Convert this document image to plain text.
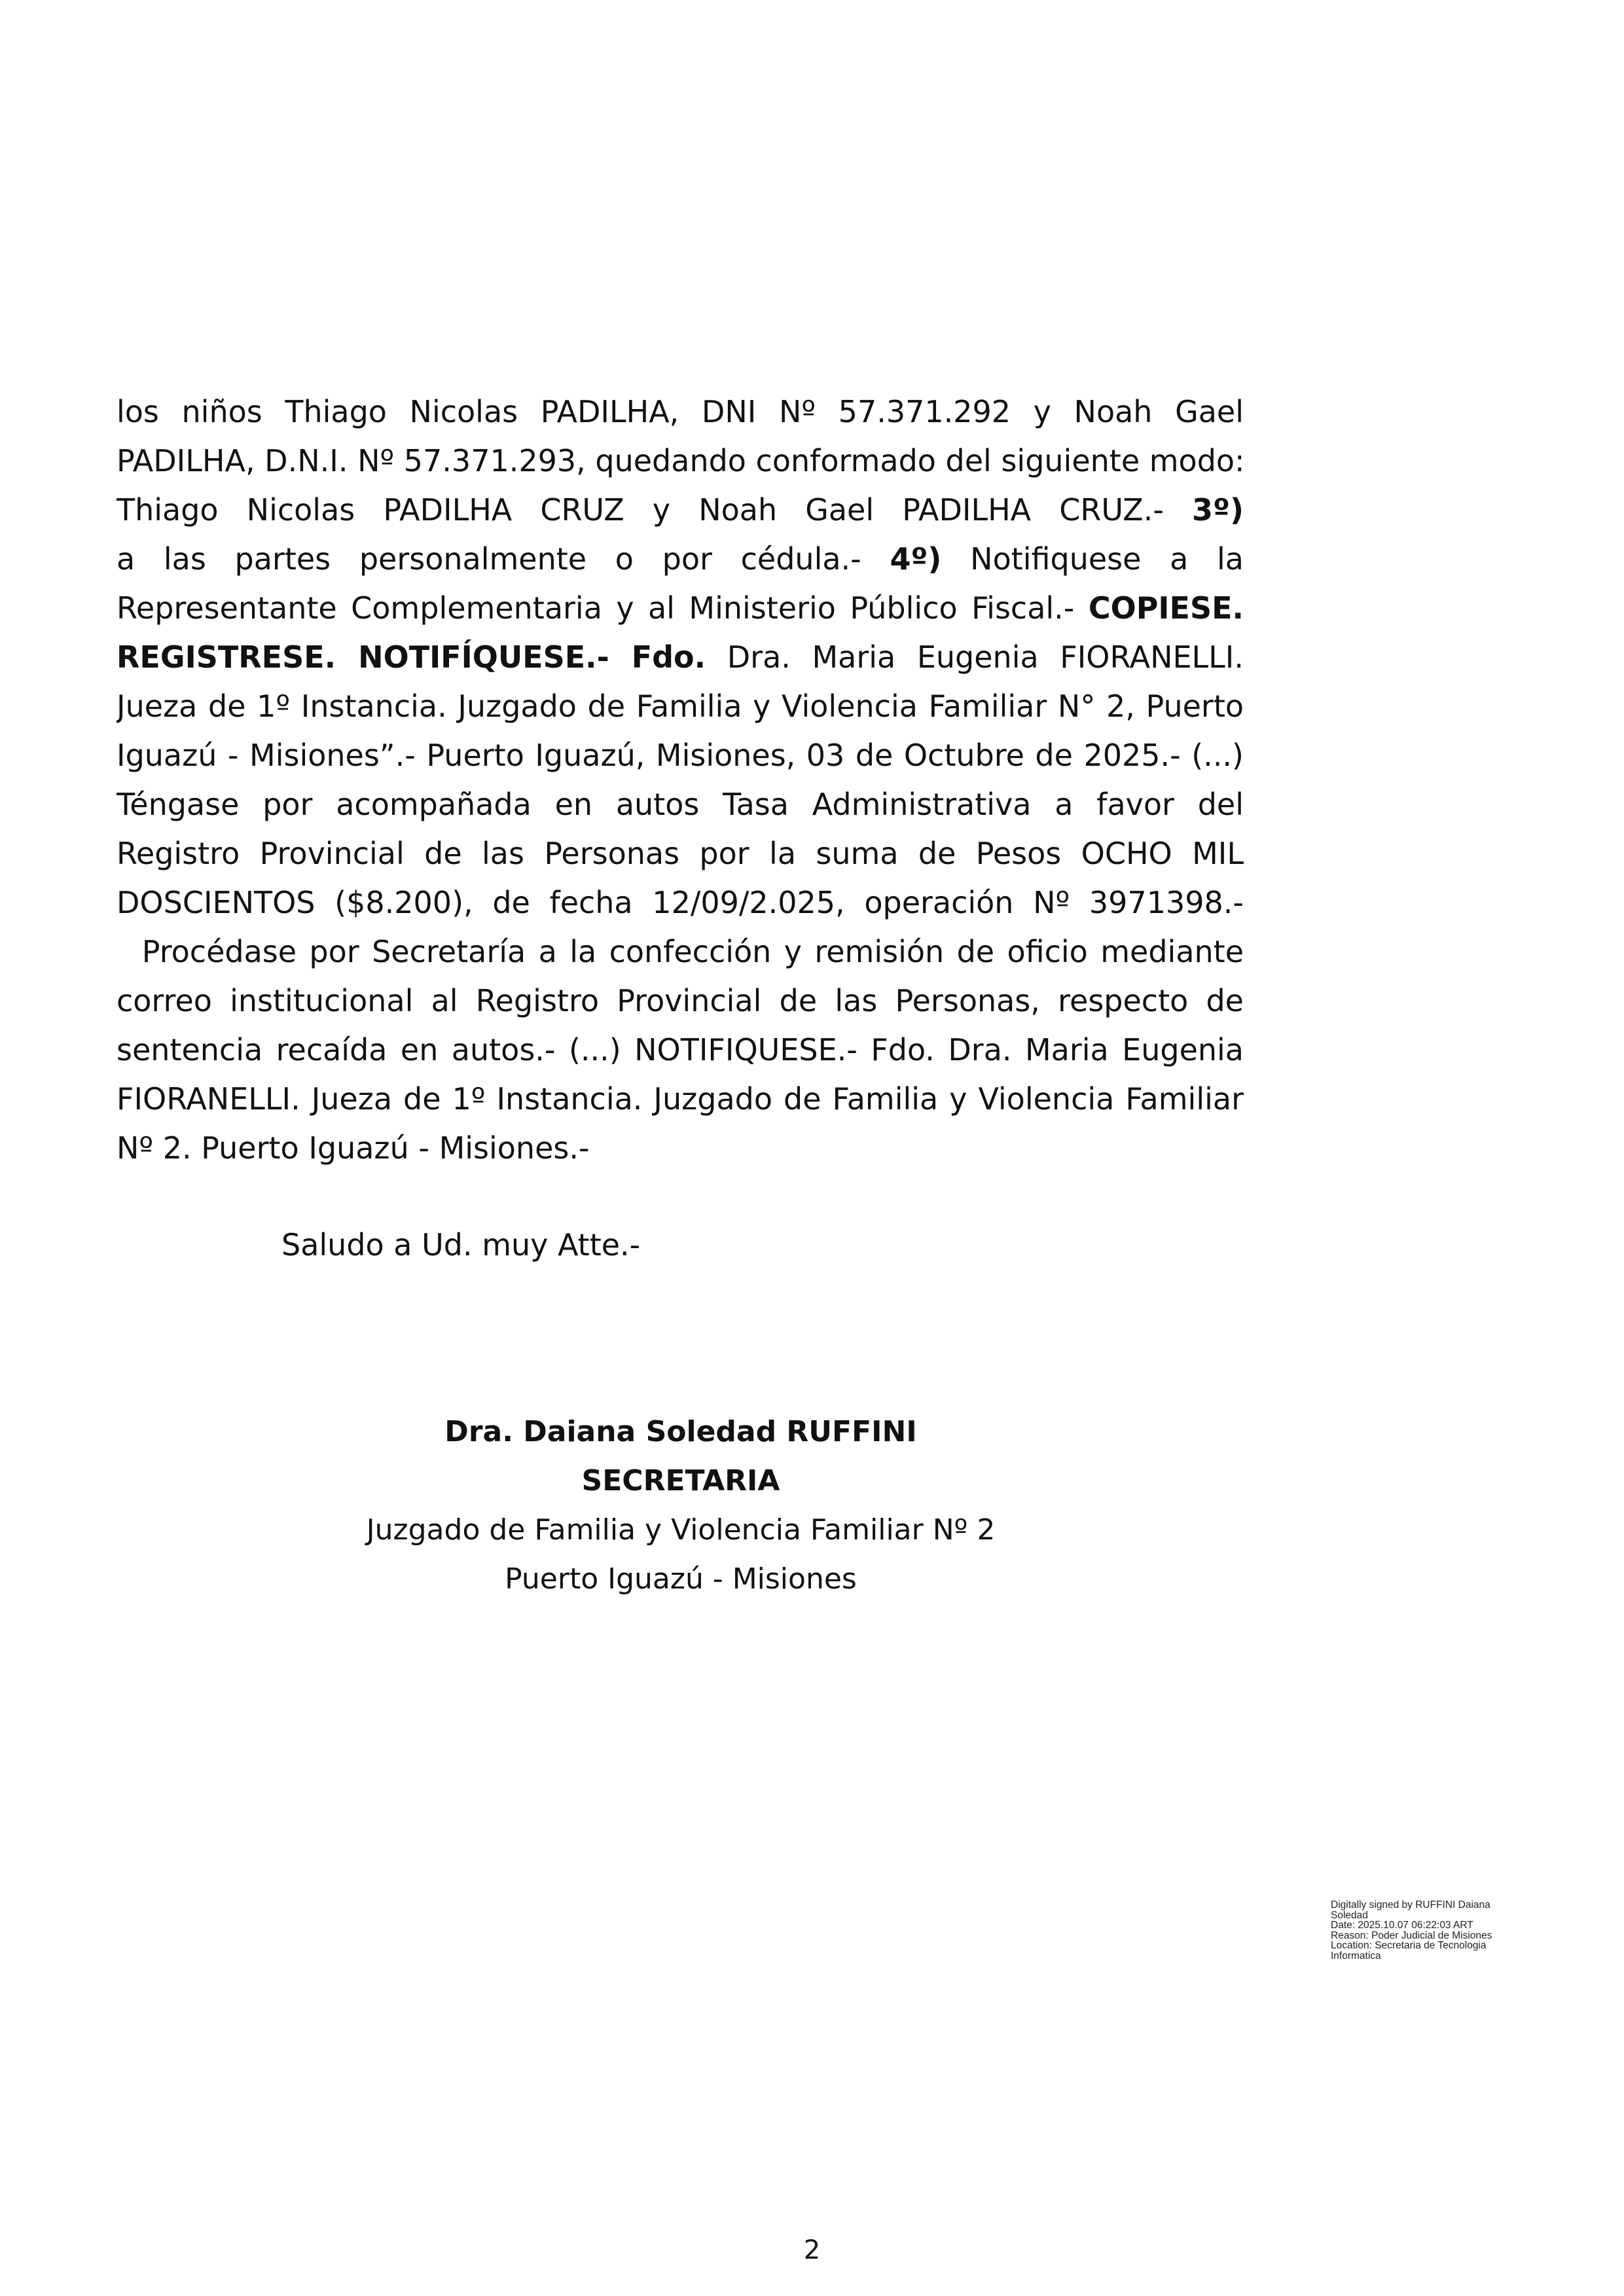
los niños Thiago Nicolas PADILHA, DNI Nº 57.371.292 y Noah Gael
PADILHA, D.N.I. Nº 57.371.293, quedando conformado del siguiente modo:
Thiago Nicolas PADILHA CRUZ y Noah Gael PADILHA CRUZ.- 3º)
a las partes personalmente o por cédula.- 4º) Notifiquese a la
Representante Complementaria y al Ministerio Público Fiscal.- COPIESE.
REGISTRESE. NOTIFÍQUESE.- Fdo. Dra. Maria Eugenia FIORANELLI.
Jueza de 1º Instancia. Juzgado de Familia y Violencia Familiar N° 2, Puerto
Iguazú - Misiones”.- Puerto Iguazú, Misiones, 03 de Octubre de 2025.- (...)
Téngase por acompañada en autos Tasa Administrativa a favor del
Registro Provincial de las Personas por la suma de Pesos OCHO MIL
DOSCIENTOS ($8.200), de fecha 12/09/2.025, operación Nº 3971398.-
Procédase por Secretaría a la confección y remisión de oficio mediante
correo institucional al Registro Provincial de las Personas, respecto de
sentencia recaída en autos.- (...) NOTIFIQUESE.- Fdo. Dra. Maria Eugenia
FIORANELLI. Jueza de 1º Instancia. Juzgado de Familia y Violencia Familiar
Nº 2. Puerto Iguazú - Misiones.-
Saludo a Ud. muy Atte.-
Dra. Daiana Soledad RUFFINI
SECRETARIA
Juzgado de Familia y Violencia Familiar Nº 2
Puerto Iguazú - Misiones
Digitally signed by RUFFINI Daiana
Soledad
Date: 2025.10.07 06:22:03 ART
Reason: Poder Judicial de Misiones
Location: Secretaria de Tecnologia
Informatica
2
